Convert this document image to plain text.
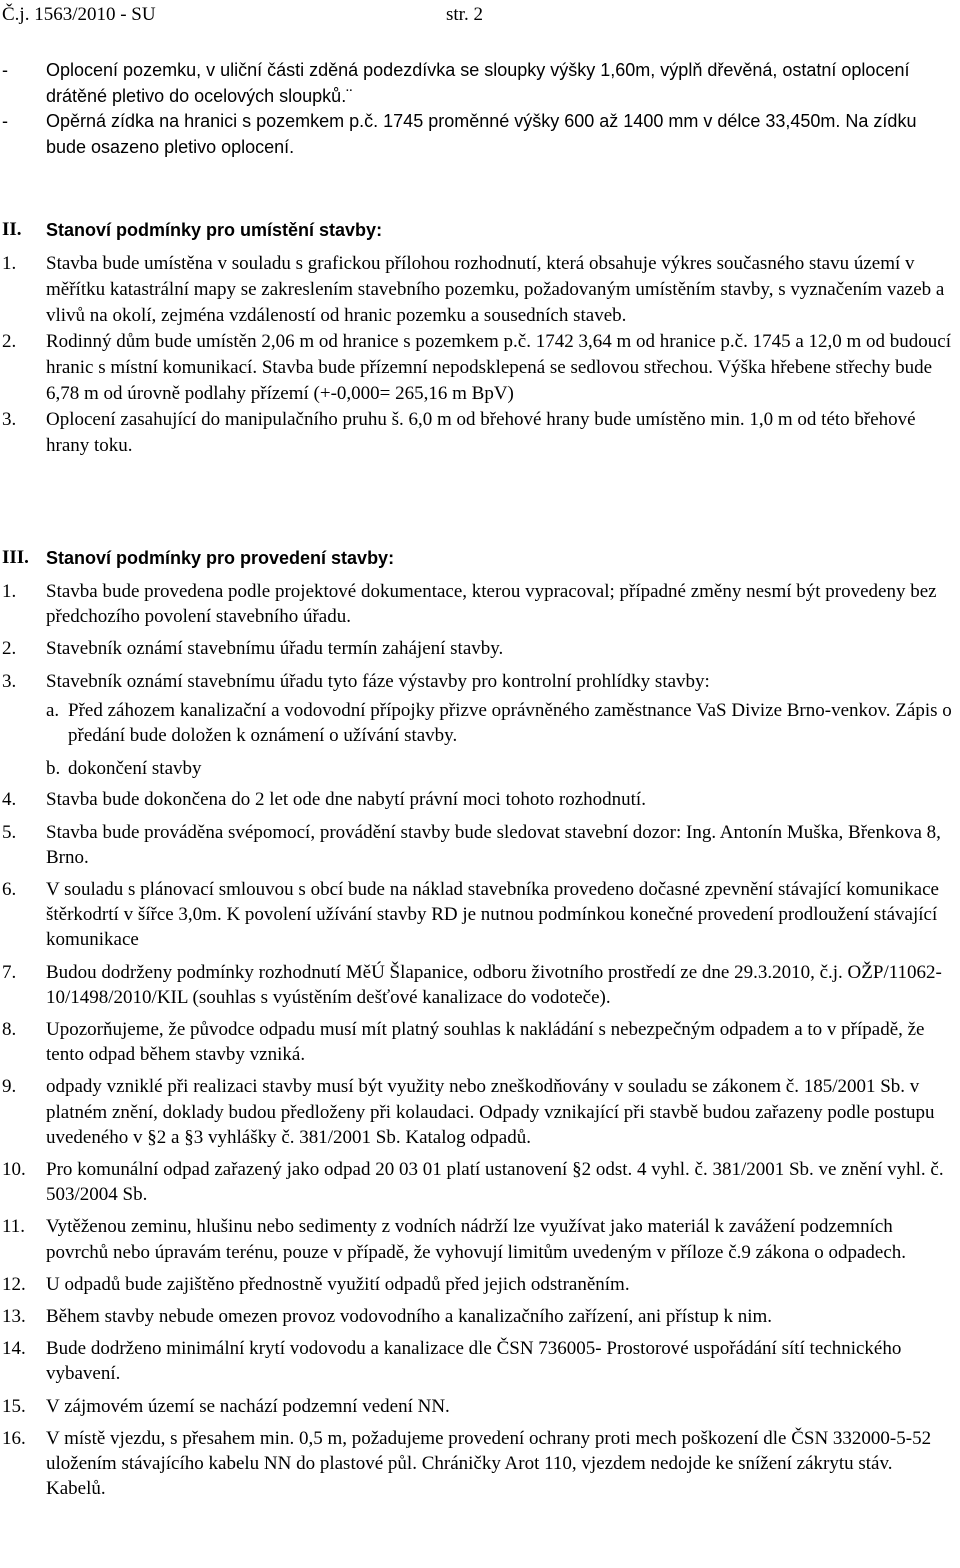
Č.j. 1563/2010 - SU	str. 2
-	Oplocení pozemku, v uliční části zděná podezdívka se sloupky výšky 1,60m, výplň dřevěná, ostatní oplocení drátěné pletivo do ocelových sloupků.¨
-	Opěrná zídka na hranici s pozemkem p.č. 1745 proměnné výšky 600 až 1400 mm v délce 33,450m. Na zídku bude osazeno pletivo oplocení.
II.	Stanoví podmínky pro umístění stavby:
1.	Stavba bude umístěna v souladu s grafickou přílohou rozhodnutí, která obsahuje výkres současného stavu území v měřítku katastrální mapy se zakreslením stavebního pozemku, požadovaným umístěním stavby, s vyznačením vazeb a vlivů na okolí, zejména vzdáleností od hranic pozemku a sousedních staveb.
2.	Rodinný dům bude umístěn 2,06 m od hranice s pozemkem p.č. 1742 3,64 m od hranice p.č. 1745 a 12,0 m od budoucí hranic s místní komunikací. Stavba bude přízemní nepodsklepená se sedlovou střechou. Výška hřebene střechy bude 6,78 m od úrovně podlahy přízemí (+-0,000= 265,16 m BpV)
3.	Oplocení zasahující do manipulačního pruhu š. 6,0 m od břehové hrany bude umístěno min. 1,0 m od této břehové hrany toku.
III. Stanoví podmínky pro provedení stavby:
1.	Stavba bude provedena podle projektové dokumentace, kterou vypracoval; případné změny nesmí být provedeny bez předchozího povolení stavebního úřadu.
2.	Stavebník oznámí stavebnímu úřadu termín zahájení stavby.
3.	Stavebník oznámí stavebnímu úřadu tyto fáze výstavby pro kontrolní prohlídky stavby:
a. Před záhozem kanalizační a vodovodní přípojky přizve oprávněného zaměstnance VaS Divize Brno-venkov. Zápis o předání bude doložen k oznámení o užívání stavby.
b. dokončení stavby
4.	Stavba bude dokončena do 2 let ode dne nabytí právní moci tohoto rozhodnutí.
5.	Stavba bude prováděna svépomocí, provádění stavby bude sledovat stavební dozor: Ing. Antonín Muška, Břenkova 8, Brno.
6.	V souladu s plánovací smlouvou s obcí bude na náklad stavebníka provedeno dočasné zpevnění stávající komunikace štěrkodrtí v šířce 3,0m. K povolení užívání stavby RD je nutnou podmínkou konečné provedení prodloužení stávající komunikace
7.	Budou dodrženy podmínky rozhodnutí MěÚ Šlapanice, odboru životního prostředí ze dne 29.3.2010, č.j. OŽP/11062-10/1498/2010/KIL (souhlas s vyústěním dešťové kanalizace do vodoteče).
8.	Upozorňujeme, že původce odpadu musí mít platný souhlas k nakládání s nebezpečným odpadem a to v případě, že tento odpad během stavby vzniká.
9.	odpady vzniklé při realizaci stavby musí být využity nebo zneškodňovány v souladu se zákonem č. 185/2001 Sb. v platném znění, doklady budou předloženy při kolaudaci. Odpady vznikající při stavbě budou zařazeny podle postupu uvedeného v §2 a §3 vyhlášky č. 381/2001 Sb. Katalog odpadů.
10.	Pro komunální odpad zařazený jako odpad 20 03 01 platí ustanovení §2 odst. 4 vyhl. č. 381/2001 Sb. ve znění vyhl. č. 503/2004 Sb.
11.	Vytěženou zeminu, hlušinu nebo sedimenty z vodních nádrží lze využívat jako materiál k zavážení podzemních povrchů nebo úpravám terénu, pouze v případě, že vyhovují limitům uvedeným v příloze č.9 zákona o odpadech.
12.	U odpadů bude zajištěno přednostně využití odpadů před jejich odstraněním.
13.	Během stavby nebude omezen provoz vodovodního a kanalizačního zařízení, ani přístup k nim.
14.	Bude dodrženo minimální krytí vodovodu a kanalizace dle ČSN 736005- Prostorové uspořádání sítí technického vybavení.
15.	V zájmovém území se nachází podzemní vedení NN.
16.	V místě vjezdu, s přesahem min. 0,5 m, požadujeme provedení ochrany proti mech poškození dle ČSN 332000-5-52 uložením stávajícího kabelu NN do plastové půl. Chráničky Arot 110, vjezdem nedojde ke snížení zákrytu stáv. Kabelů.
